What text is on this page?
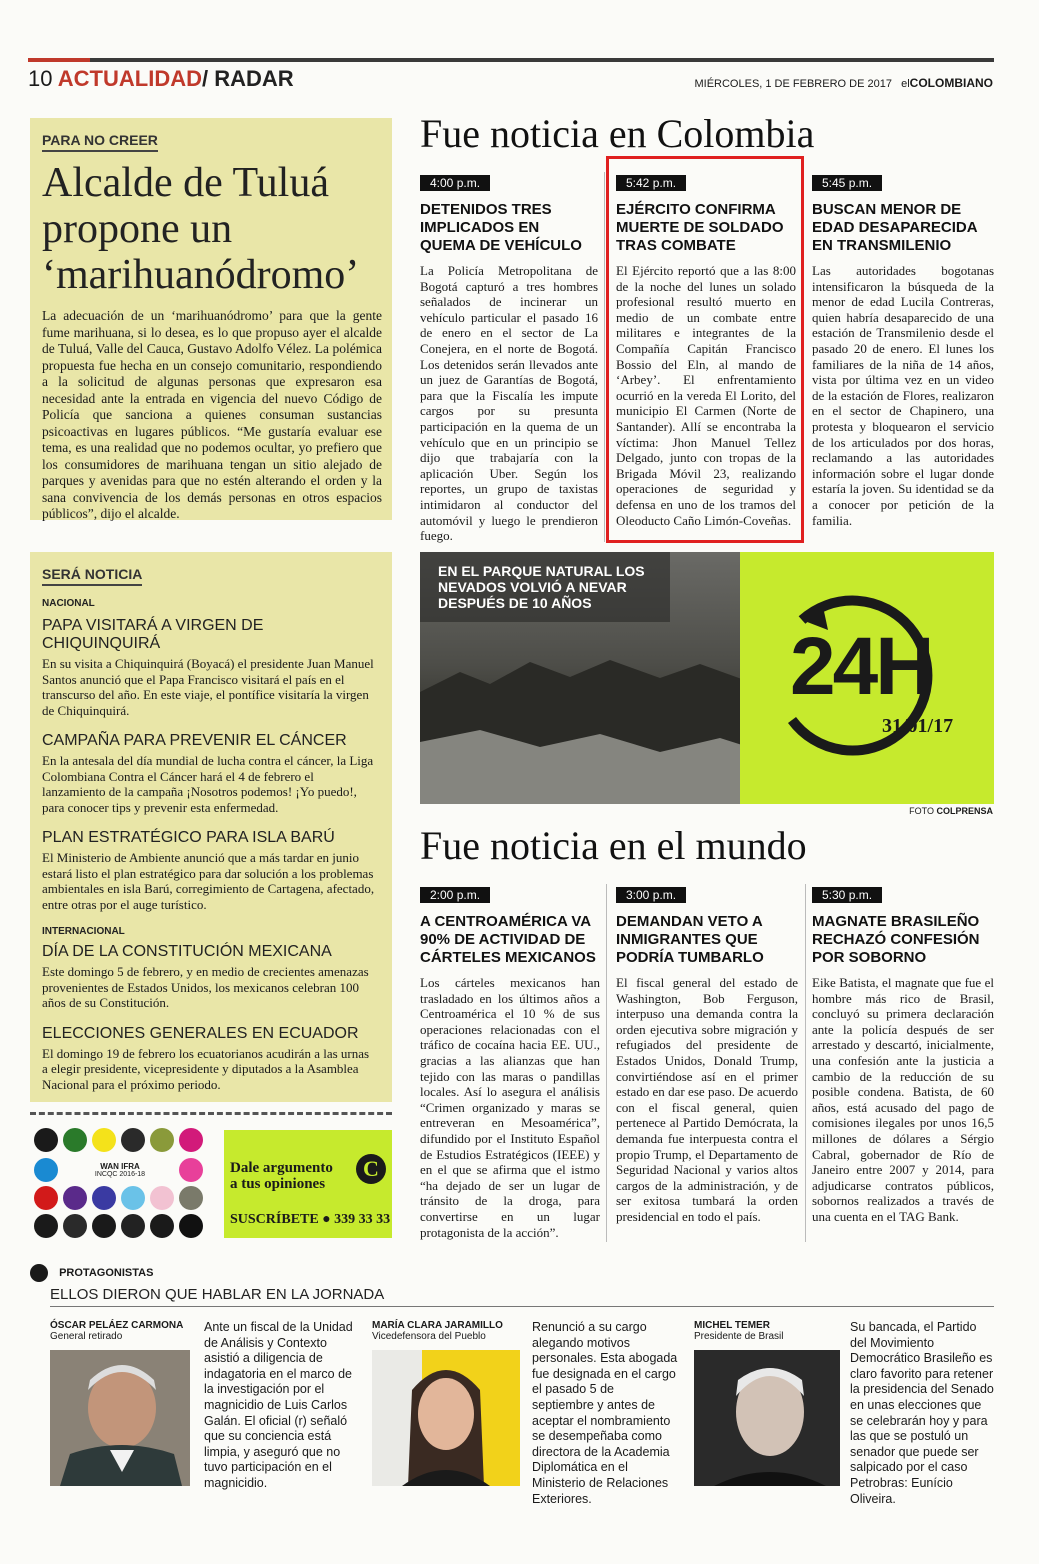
10 ACTUALIDAD/ RADAR	MIÉRCOLES, 1 DE FEBRERO DE 2017 elCOLOMBIANO
PARA NO CREER
Alcalde de Tuluá
propone un
‘marihuanódromo’
La adecuación de un ‘marihuanódromo’ para que la gente fume marihuana, si lo desea, es lo que propuso ayer el alcalde de Tuluá, Valle del Cauca, Gustavo Adolfo Vélez. La polémica propuesta fue hecha en un consejo comunitario, respondiendo a la solicitud de algunas personas que expresaron esa necesidad ante la entrada en vigencia del nuevo Código de Policía que sanciona a quienes consuman sustancias psicoactivas en lugares públicos. “Me gustaría evaluar ese tema, es una realidad que no podemos ocultar, yo prefiero que los consumidores de marihuana tengan un sitio alejado de parques y avenidas para que no estén alterando el orden y la sana convivencia de los demás personas en otros espacios públicos”, dijo el alcalde.
Fue noticia en Colombia
4:00 p.m.
DETENIDOS TRES IMPLICADOS EN QUEMA DE VEHÍCULO
La Policía Metropolitana de Bogotá capturó a tres hombres señalados de incinerar un vehículo particular el pasado 16 de enero en el sector de La Conejera, en el norte de Bogotá. Los detenidos serán llevados ante un juez de Garantías de Bogotá, para que la Fiscalía les impute cargos por su presunta participación en la quema de un vehículo que en un principio se dijo que trabajaría con la aplicación Uber. Según los reportes, un grupo de taxistas intimidaron al conductor del automóvil y luego le prendieron fuego.
5:42 p.m.
EJÉRCITO CONFIRMA MUERTE DE SOLDADO TRAS COMBATE
El Ejército reportó que a las 8:00 de la noche del lunes un solado profesional resultó muerto en medio de un combate entre militares e integrantes de la Compañía Capitán Francisco Bossio del Eln, al mando de ‘Arbey’. El enfrentamiento ocurrió en la vereda El Lorito, del municipio El Carmen (Norte de Santander). Allí se encontraba la víctima: Jhon Manuel Tellez Delgado, junto con tropas de la Brigada Móvil 23, realizando operaciones de seguridad y defensa en uno de los tramos del Oleoducto Caño Limón-Coveñas.
5:45 p.m.
BUSCAN MENOR DE EDAD DESAPARECIDA EN TRANSMILENIO
Las autoridades bogotanas intensificaron la búsqueda de la menor de edad Lucila Contreras, quien habría desaparecido de una estación de Transmilenio desde el pasado 20 de enero. El lunes los familiares de la niña de 14 años, vista por última vez en un video de la estación de Flores, realizaron en el sector de Chapinero, una protesta y bloquearon el servicio de los articulados por dos horas, reclamando a las autoridades información sobre el lugar donde estaría la joven. Su identidad se da a conocer por petición de la familia.
SERÁ NOTICIA
NACIONAL
PAPA VISITARÁ A VIRGEN DE CHIQUINQUIRÁ
En su visita a Chiquinquirá (Boyacá) el presidente Juan Manuel Santos anunció que el Papa Francisco visitará el país en el transcurso del año. En este viaje, el pontífice visitaría la virgen de Chiquinquirá.
CAMPAÑA PARA PREVENIR EL CÁNCER
En la antesala del día mundial de lucha contra el cáncer, la Liga Colombiana Contra el Cáncer hará el 4 de febrero el lanzamiento de la campaña ¡Nosotros podemos! ¡Yo puedo!, para conocer tips y prevenir esta enfermedad.
PLAN ESTRATÉGICO PARA ISLA BARÚ
El Ministerio de Ambiente anunció que a más tardar en junio estará listo el plan estratégico para dar solución a los problemas ambientales en isla Barú, corregimiento de Cartagena, afectado, entre otras por el auge turístico.
INTERNACIONAL
DÍA DE LA CONSTITUCIÓN MEXICANA
Este domingo 5 de febrero, y en medio de crecientes amenazas provenientes de Estados Unidos, los mexicanos celebran 100 años de su Constitución.
ELECCIONES GENERALES EN ECUADOR
El domingo 19 de febrero los ecuatorianos acudirán a las urnas a elegir presidente, vicepresidente y diputados a la Asamblea Nacional para el próximo periodo.
EN EL PARQUE NATURAL LOS
NEVADOS VOLVIÓ A NEVAR
DESPUÉS DE 10 AÑOS
24H
31/01/17
FOTO COLPRENSA
Fue noticia en el mundo
2:00 p.m.
A CENTROAMÉRICA VA 90% DE ACTIVIDAD DE CÁRTELES MEXICANOS
Los cárteles mexicanos han trasladado en los últimos años a Centroamérica el 10 % de sus operaciones relacionadas con el tráfico de cocaína hacia EE. UU., gracias a las alianzas que han tejido con las maras o pandillas locales. Así lo asegura el análisis “Crimen organizado y maras se entreveran en Mesoamérica”, difundido por el Instituto Español de Estudios Estratégicos (IEEE) y en el que se afirma que el istmo “ha dejado de ser un lugar de tránsito de la droga, para convertirse en un lugar protagonista de la acción”.
3:00 p.m.
DEMANDAN VETO A INMIGRANTES QUE PODRÍA TUMBARLO
El fiscal general del estado de Washington, Bob Ferguson, interpuso una demanda contra la orden ejecutiva sobre migración y refugiados del presidente de Estados Unidos, Donald Trump, convirtiéndose así en el primer estado en dar ese paso. De acuerdo con el fiscal general, quien pertenece al Partido Demócrata, la demanda fue interpuesta contra el propio Trump, el Departamento de Seguridad Nacional y varios altos cargos de la administración, y de ser exitosa tumbará la orden presidencial en todo el país.
5:30 p.m.
MAGNATE BRASILEÑO RECHAZÓ CONFESIÓN POR SOBORNO
Eike Batista, el magnate que fue el hombre más rico de Brasil, concluyó su primera declaración ante la policía después de ser arrestado y descartó, inicialmente, una confesión ante la justicia a cambio de la reducción de su posible condena. Batista, de 60 años, está acusado del pago de comisiones ilegales por unos 16,5 millones de dólares a Sérgio Cabral, gobernador de Río de Janeiro entre 2007 y 2014, para adjudicarse contratos públicos, sobornos realizados a través de una cuenta en el TAG Bank.
WAN IFRA
INCQC 2016-18	Dale argumento
a tus opiniones
C
SUSCRÍBETE ● 339 33 33
PROTAGONISTAS
ELLOS DIERON QUE HABLAR EN LA JORNADA
ÓSCAR PELÁEZ CARMONA
General retirado
Ante un fiscal de la Unidad de Análisis y Contexto asistió a diligencia de indagatoria en el marco de la investigación por el magnicidio de Luis Carlos Galán. El oficial (r) señaló que su conciencia está limpia, y aseguró que no tuvo participación en el magnicidio.
MARÍA CLARA JARAMILLO
Vicedefensora del Pueblo
Renunció a su cargo alegando motivos personales. Esta abogada fue designada en el cargo el pasado 5 de septiembre y antes de aceptar el nombramiento se desempeñaba como directora de la Academia Diplomática en el Ministerio de Relaciones Exteriores.
MICHEL TEMER
Presidente de Brasil
Su bancada, el Partido del Movimiento Democrático Brasileño es claro favorito para retener la presidencia del Senado en unas elecciones que se celebrarán hoy y para las que se postuló un senador que puede ser salpicado por el caso Petrobras: Eunício Oliveira.
